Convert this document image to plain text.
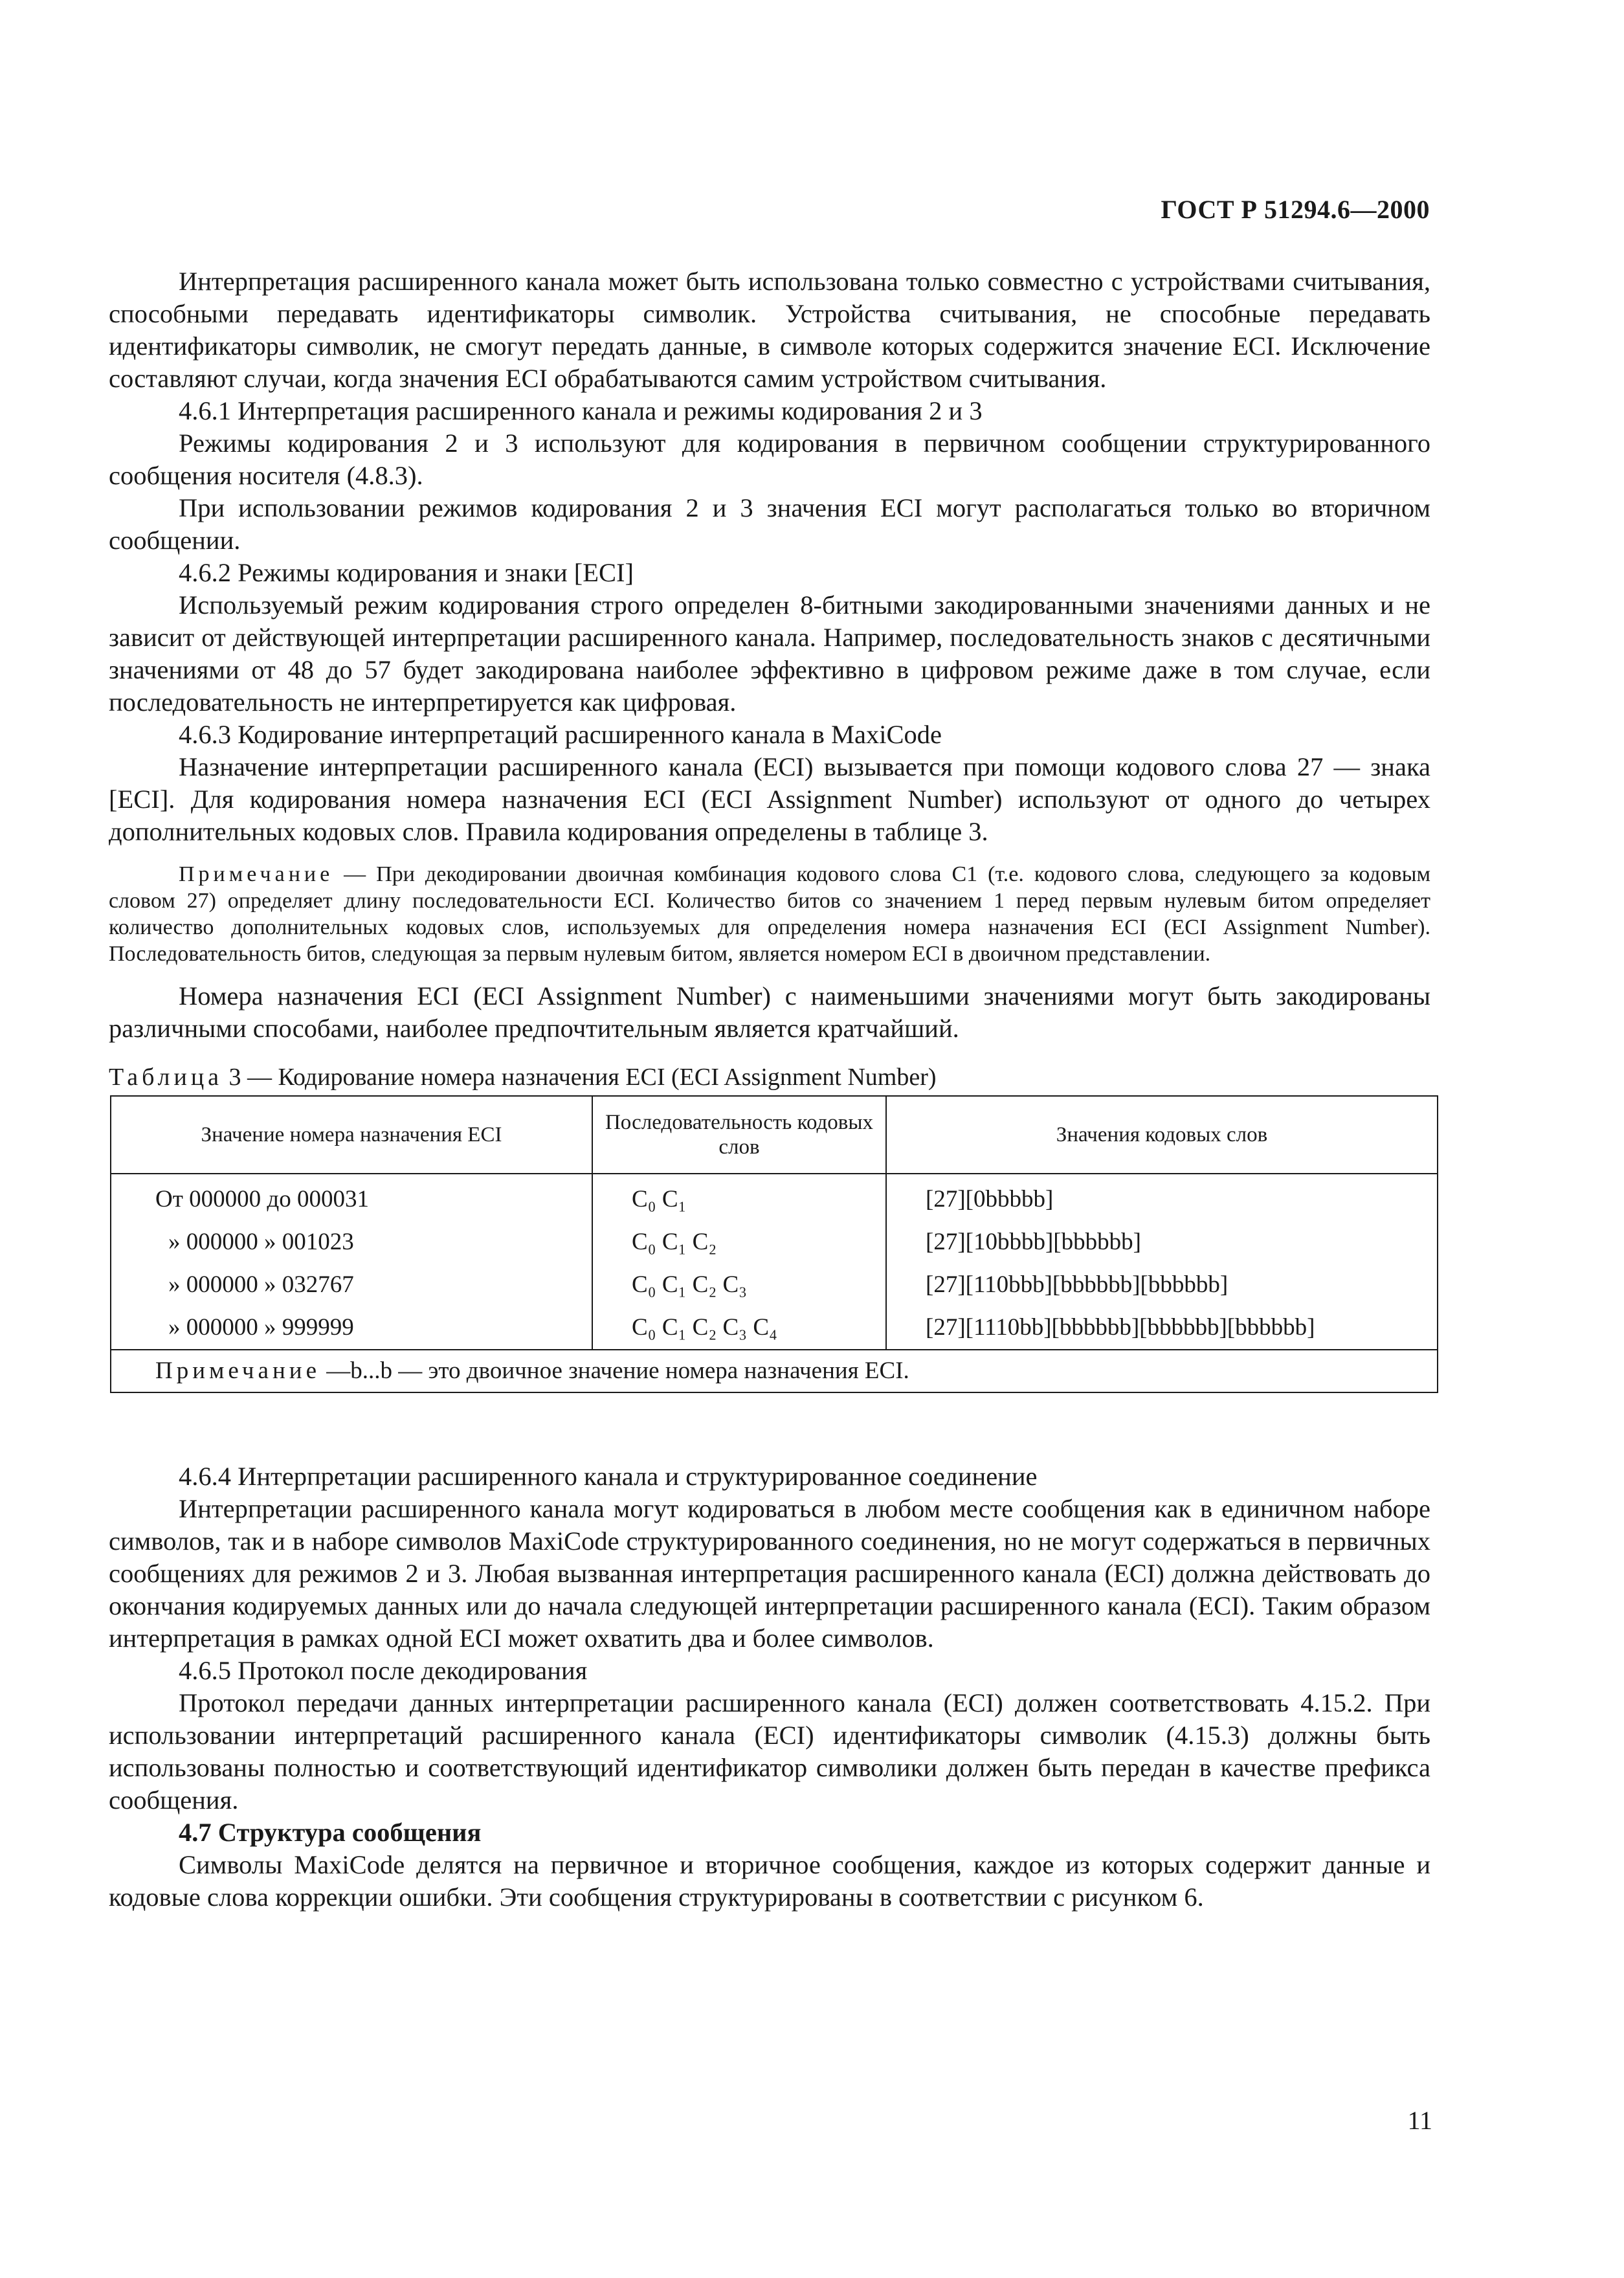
ГОСТ Р 51294.6—2000

Интерпретация расширенного канала может быть использована только совместно с устройствами считывания, способными передавать идентификаторы символик. Устройства считывания, не способные передавать идентификаторы символик, не смогут передать данные, в символе которых содержится значение ECI. Исключение составляют случаи, когда значения ECI обрабатываются самим устройством считывания.

4.6.1 Интерпретация расширенного канала и режимы кодирования 2 и 3

Режимы кодирования 2 и 3 используют для кодирования в первичном сообщении структурированного сообщения носителя (4.8.3).

При использовании режимов кодирования 2 и 3 значения ECI могут располагаться только во вторичном сообщении.

4.6.2 Режимы кодирования и знаки [ECI]

Используемый режим кодирования строго определен 8-битными закодированными значениями данных и не зависит от действующей интерпретации расширенного канала. Например, последовательность знаков с десятичными значениями от 48 до 57 будет закодирована наиболее эффективно в цифровом режиме даже в том случае, если последовательность не интерпретируется как цифровая.

4.6.3 Кодирование интерпретаций расширенного канала в MaxiCode

Назначение интерпретации расширенного канала (ECI) вызывается при помощи кодового слова 27 — знака [ECI]. Для кодирования номера назначения ECI (ECI Assignment Number) используют от одного до четырех дополнительных кодовых слов. Правила кодирования определены в таблице 3.

Примечание — При декодировании двоичная комбинация кодового слова C1 (т.е. кодового слова, следующего за кодовым словом 27) определяет длину последовательности ECI. Количество битов со значением 1 перед первым нулевым битом определяет количество дополнительных кодовых слов, используемых для определения номера назначения ECI (ECI Assignment Number). Последовательность битов, следующая за первым нулевым битом, является номером ECI в двоичном представлении.

Номера назначения ECI (ECI Assignment Number) с наименьшими значениями могут быть закодированы различными способами, наиболее предпочтительным является кратчайший.

Таблица 3 — Кодирование номера назначения ECI (ECI Assignment Number)
Значение номера назначения ECI	Последовательность кодовых слов	Значения кодовых слов
От 000000 до 000031	C₀ C₁	[27][0bbbbb]
» 000000 » 001023	C₀ C₁ C₂	[27][10bbbb][bbbbbb]
» 000000 » 032767	C₀ C₁ C₂ C₃	[27][110bbb][bbbbbb][bbbbbb]
» 000000 » 999999	C₀ C₁ C₂ C₃ C₄	[27][1110bb][bbbbbb][bbbbbb][bbbbbb]
Примечание —b...b — это двоичное значение номера назначения ECI.		

4.6.4 Интерпретации расширенного канала и структурированное соединение

Интерпретации расширенного канала могут кодироваться в любом месте сообщения как в единичном наборе символов, так и в наборе символов MaxiCode структурированного соединения, но не могут содержаться в первичных сообщениях для режимов 2 и 3. Любая вызванная интерпретация расширенного канала (ECI) должна действовать до окончания кодируемых данных или до начала следующей интерпретации расширенного канала (ECI). Таким образом интерпретация в рамках одной ECI может охватить два и более символов.

4.6.5 Протокол после декодирования

Протокол передачи данных интерпретации расширенного канала (ECI) должен соответствовать 4.15.2. При использовании интерпретаций расширенного канала (ECI) идентификаторы символик (4.15.3) должны быть использованы полностью и соответствующий идентификатор символики должен быть передан в качестве префикса сообщения.

4.7 Структура сообщения

Символы MaxiCode делятся на первичное и вторичное сообщения, каждое из которых содержит данные и кодовые слова коррекции ошибки. Эти сообщения структурированы в соответствии с рисунком 6.

11
